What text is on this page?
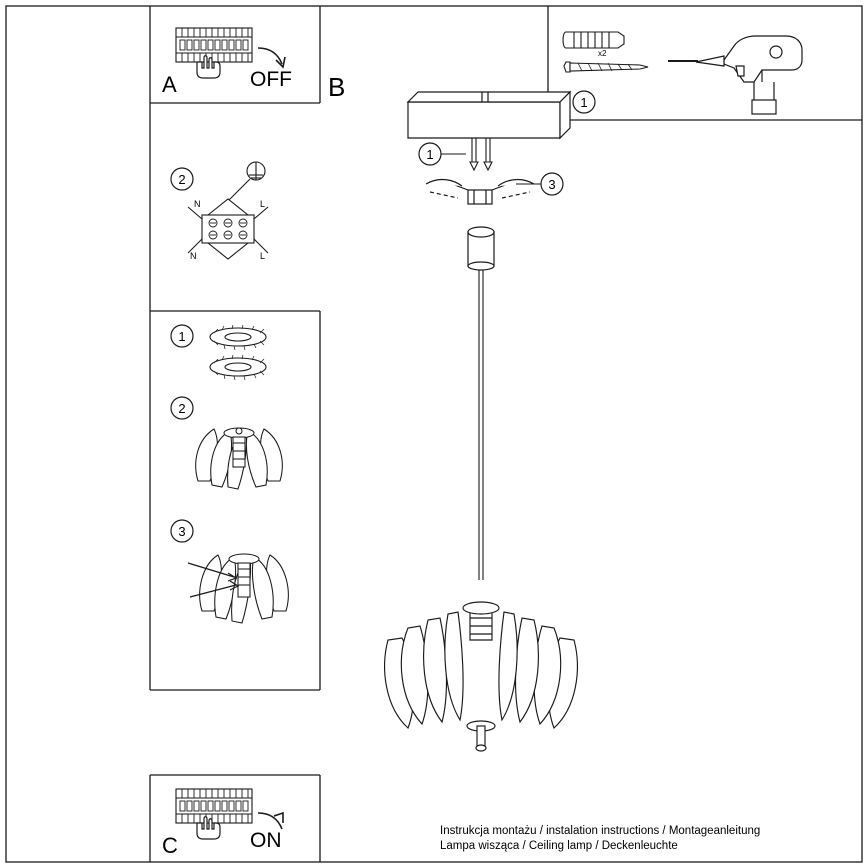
A	OFF B
1
x2
2
N	L
N	L
1
2
3
C	ON
1
3
Instrukcja montażu / instalation instructions / Montageanleitung
Lampa wisząca / Ceiling lamp / Deckenleuchte
